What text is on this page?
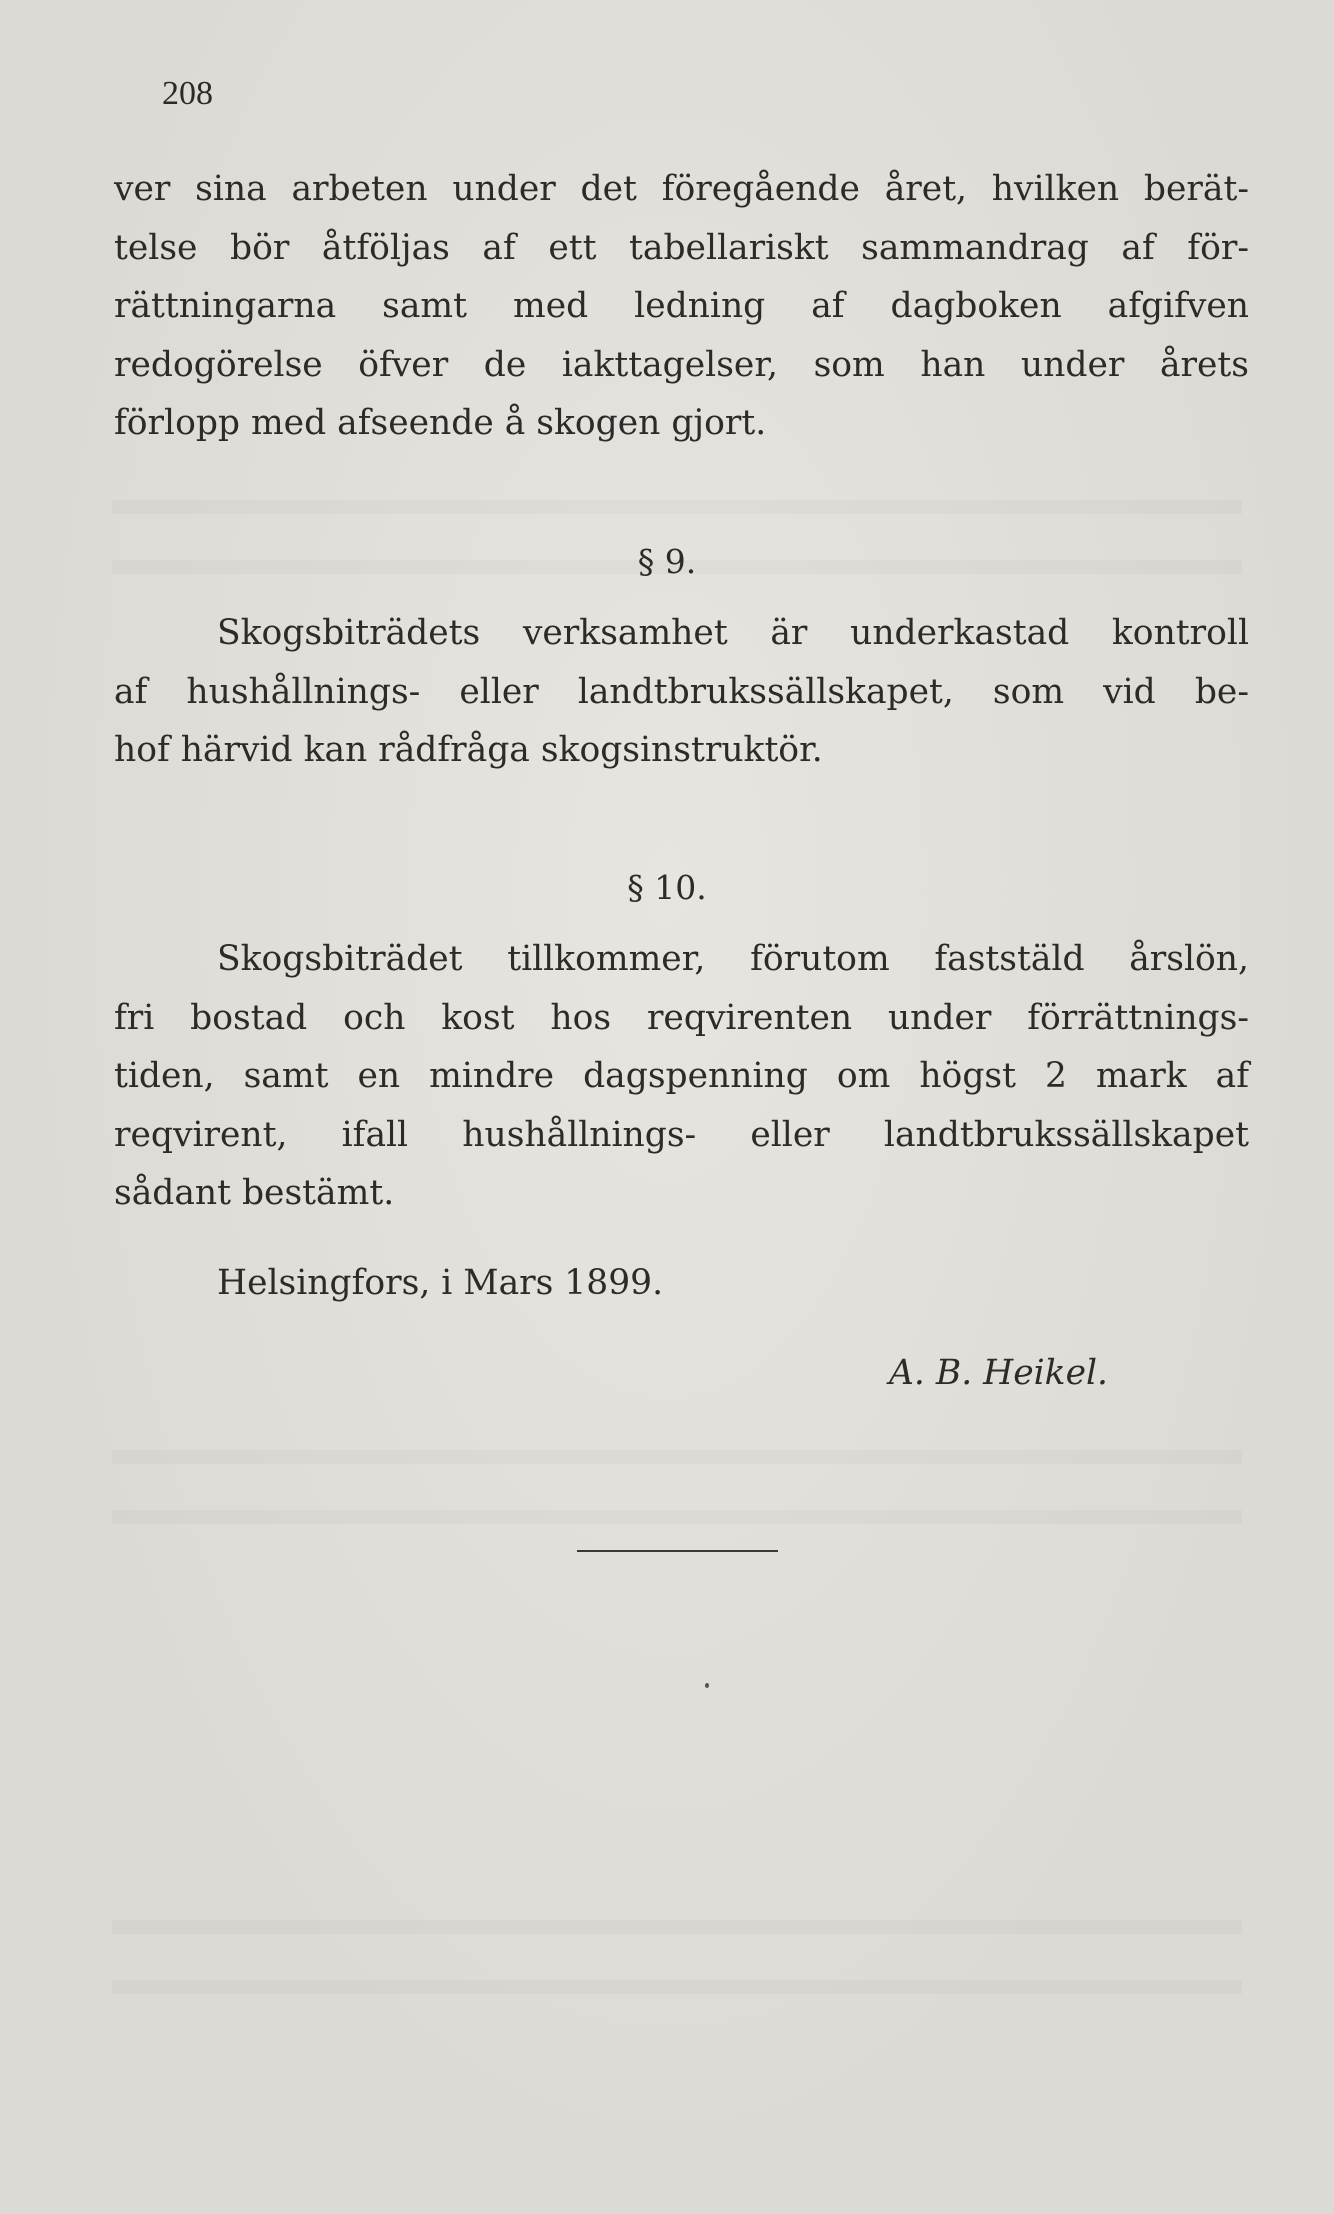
208
ver sina arbeten under det föregående året, hvilken berät-
telse bör åtföljas af ett tabellariskt sammandrag af för-
rättningarna samt med ledning af dagboken afgifven
redogörelse öfver de iakttagelser, som han under årets
förlopp med afseende å skogen gjort.
§ 9.
Skogsbiträdets verksamhet är underkastad kontroll
af hushållnings- eller landtbrukssällskapet, som vid be-
hof härvid kan rådfråga skogsinstruktör.
§ 10.
Skogsbiträdet tillkommer, förutom faststäld årslön,
fri bostad och kost hos reqvirenten under förrättnings-
tiden, samt en mindre dagspenning om högst 2 mark af
reqvirent, ifall hushållnings- eller landtbrukssällskapet
sådant bestämt.
Helsingfors, i Mars 1899.
A. B. Heikel.
